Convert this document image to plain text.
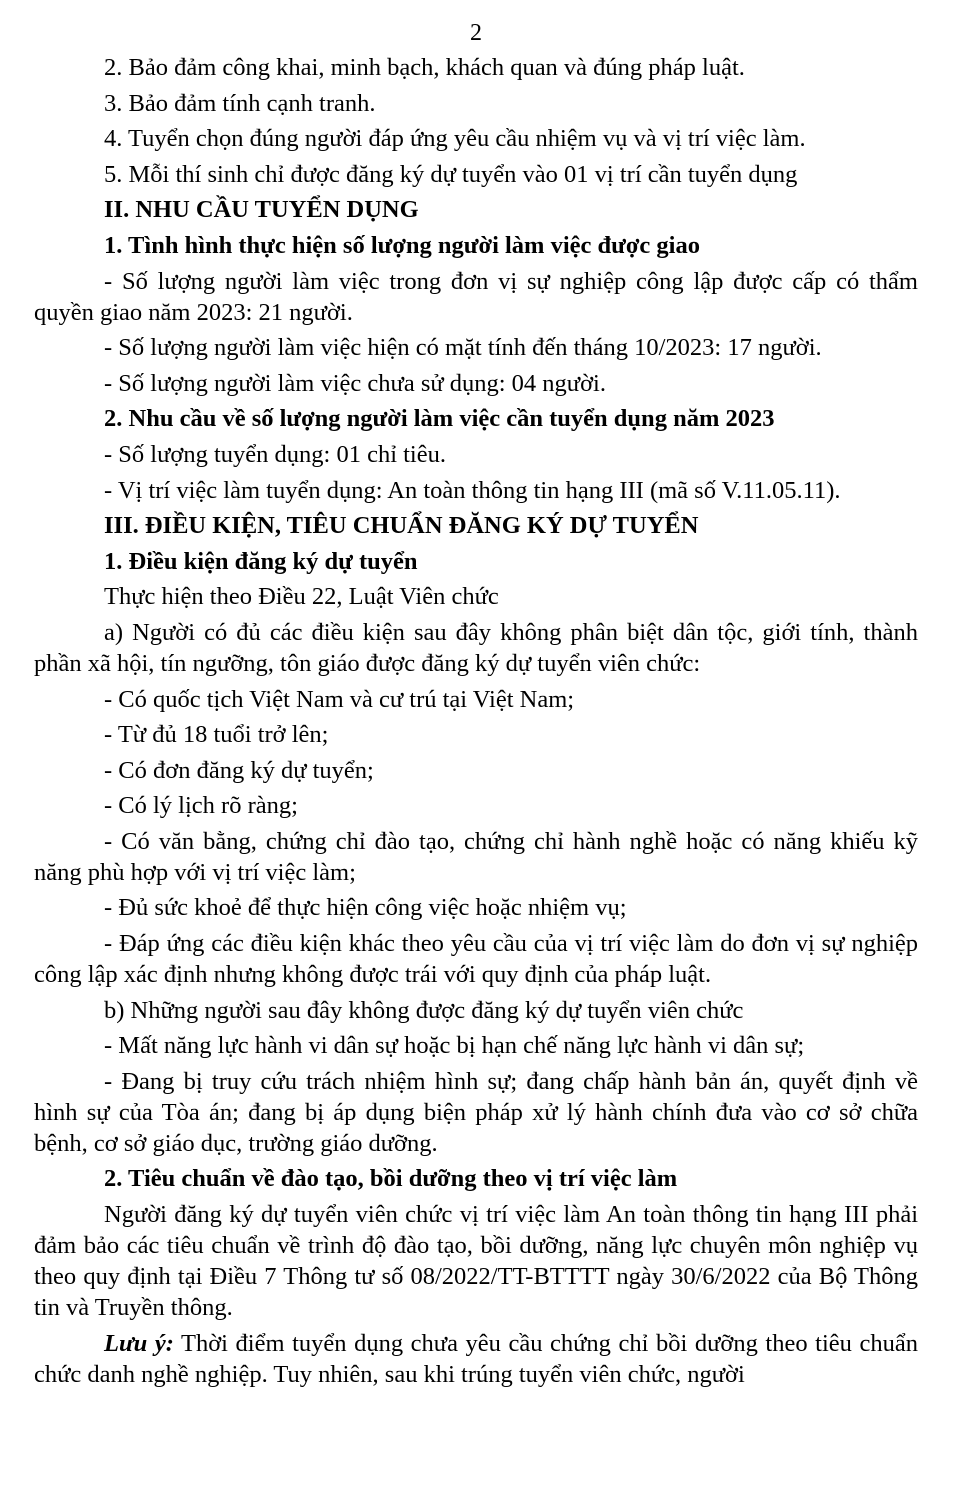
2

2. Bảo đảm công khai, minh bạch, khách quan và đúng pháp luật.

3. Bảo đảm tính cạnh tranh.

4. Tuyển chọn đúng người đáp ứng yêu cầu nhiệm vụ và vị trí việc làm.

5. Mỗi thí sinh chỉ được đăng ký dự tuyển vào 01 vị trí cần tuyển dụng

II. NHU CẦU TUYỂN DỤNG

1. Tình hình thực hiện số lượng người làm việc được giao

- Số lượng người làm việc trong đơn vị sự nghiệp công lập được cấp có thẩm quyền giao năm 2023: 21 người.

- Số lượng người làm việc hiện có mặt tính đến tháng 10/2023: 17 người.

- Số lượng người làm việc chưa sử dụng: 04 người.

2. Nhu cầu về số lượng người làm việc cần tuyển dụng năm 2023

- Số lượng tuyển dụng: 01 chỉ tiêu.

- Vị trí việc làm tuyển dụng: An toàn thông tin hạng III (mã số V.11.05.11).

III. ĐIỀU KIỆN, TIÊU CHUẨN ĐĂNG KÝ DỰ TUYỂN

1. Điều kiện đăng ký dự tuyển

Thực hiện theo Điều 22, Luật Viên chức

a) Người có đủ các điều kiện sau đây không phân biệt dân tộc, giới tính, thành phần xã hội, tín ngưỡng, tôn giáo được đăng ký dự tuyển viên chức:

- Có quốc tịch Việt Nam và cư trú tại Việt Nam;

- Từ đủ 18 tuổi trở lên;

- Có đơn đăng ký dự tuyển;

- Có lý lịch rõ ràng;

- Có văn bằng, chứng chỉ đào tạo, chứng chỉ hành nghề hoặc có năng khiếu kỹ năng phù hợp với vị trí việc làm;

- Đủ sức khoẻ để thực hiện công việc hoặc nhiệm vụ;

- Đáp ứng các điều kiện khác theo yêu cầu của vị trí việc làm do đơn vị sự nghiệp công lập xác định nhưng không được trái với quy định của pháp luật.

b) Những người sau đây không được đăng ký dự tuyển viên chức

- Mất năng lực hành vi dân sự hoặc bị hạn chế năng lực hành vi dân sự;

- Đang bị truy cứu trách nhiệm hình sự; đang chấp hành bản án, quyết định về hình sự của Tòa án; đang bị áp dụng biện pháp xử lý hành chính đưa vào cơ sở chữa bệnh, cơ sở giáo dục, trường giáo dưỡng.

2. Tiêu chuẩn về đào tạo, bồi dưỡng theo vị trí việc làm

Người đăng ký dự tuyển viên chức vị trí việc làm An toàn thông tin hạng III phải đảm bảo các tiêu chuẩn về trình độ đào tạo, bồi dưỡng, năng lực chuyên môn nghiệp vụ theo quy định tại Điều 7 Thông tư số 08/2022/TT-BTTTT ngày 30/6/2022 của Bộ Thông tin và Truyền thông.

Lưu ý: Thời điểm tuyển dụng chưa yêu cầu chứng chỉ bồi dưỡng theo tiêu chuẩn chức danh nghề nghiệp. Tuy nhiên, sau khi trúng tuyển viên chức, người
